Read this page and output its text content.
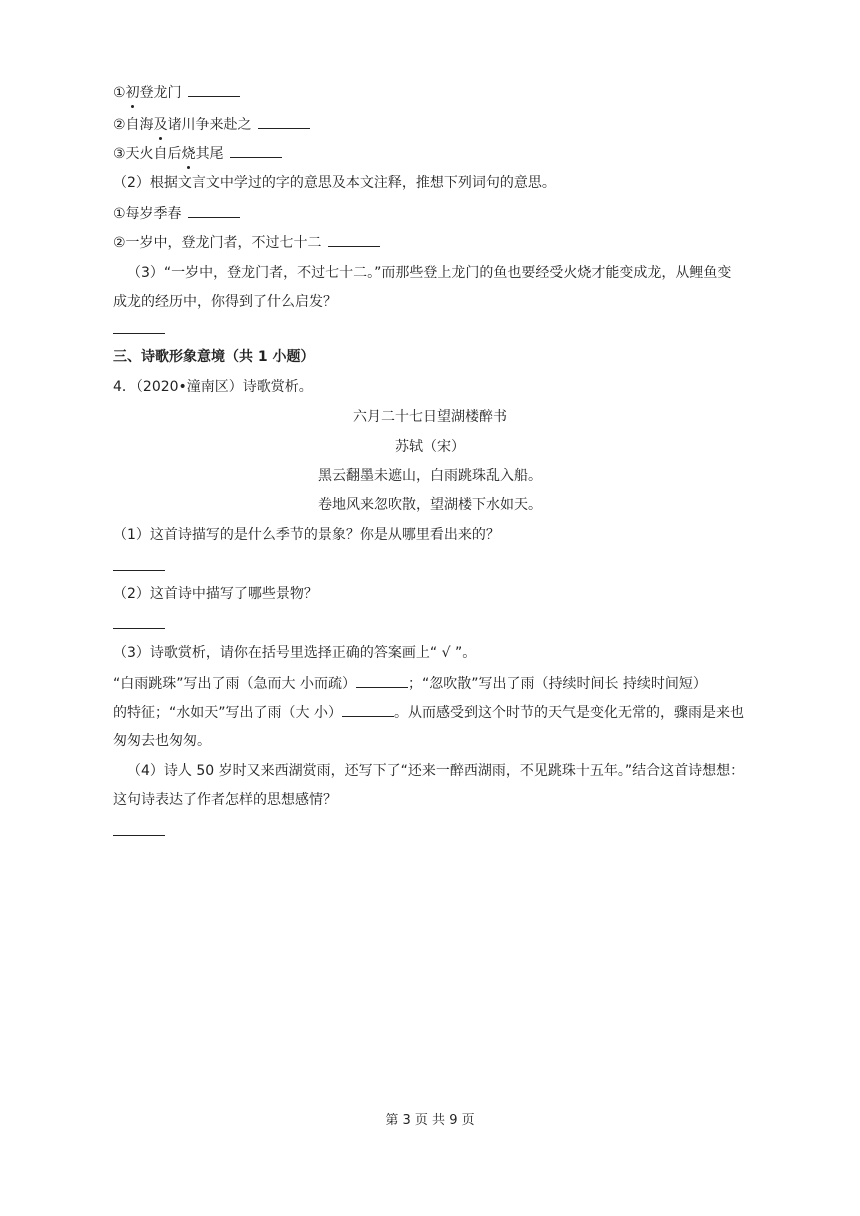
①初登龙门
②自海及诸川争来赴之
③天火自后烧其尾
（2）根据文言文中学过的字的意思及本文注释，推想下列词句的意思。
①每岁季春
②一岁中，登龙门者，不过七十二
（3）“一岁中，登龙门者，不过七十二。”而那些登上龙门的鱼也要经受火烧才能变成龙，从鲤鱼变
成龙的经历中，你得到了什么启发？
三、诗歌形象意境（共 1 小题）
4．（2020•潼南区）诗歌赏析。
六月二十七日望湖楼醉书
苏轼（宋）
黑云翻墨未遮山，白雨跳珠乱入船。
卷地风来忽吹散，望湖楼下水如天。
（1）这首诗描写的是什么季节的景象？你是从哪里看出来的？
（2）这首诗中描写了哪些景物？
（3）诗歌赏析，请你在括号里选择正确的答案画上“ √ ”。
“白雨跳珠”写出了雨（急而大 小而疏）	；“忽吹散”写出了雨（持续时间长 持续时间短）
的特征；“水如天”写出了雨（大 小）	。从而感受到这个时节的天气是变化无常的，骤雨是来也
匆匆去也匆匆。
（4）诗人 50 岁时又来西湖赏雨，还写下了“还来一醉西湖雨，不见跳珠十五年。”结合这首诗想想：
这句诗表达了作者怎样的思想感情？
第 3 页 共 9 页
